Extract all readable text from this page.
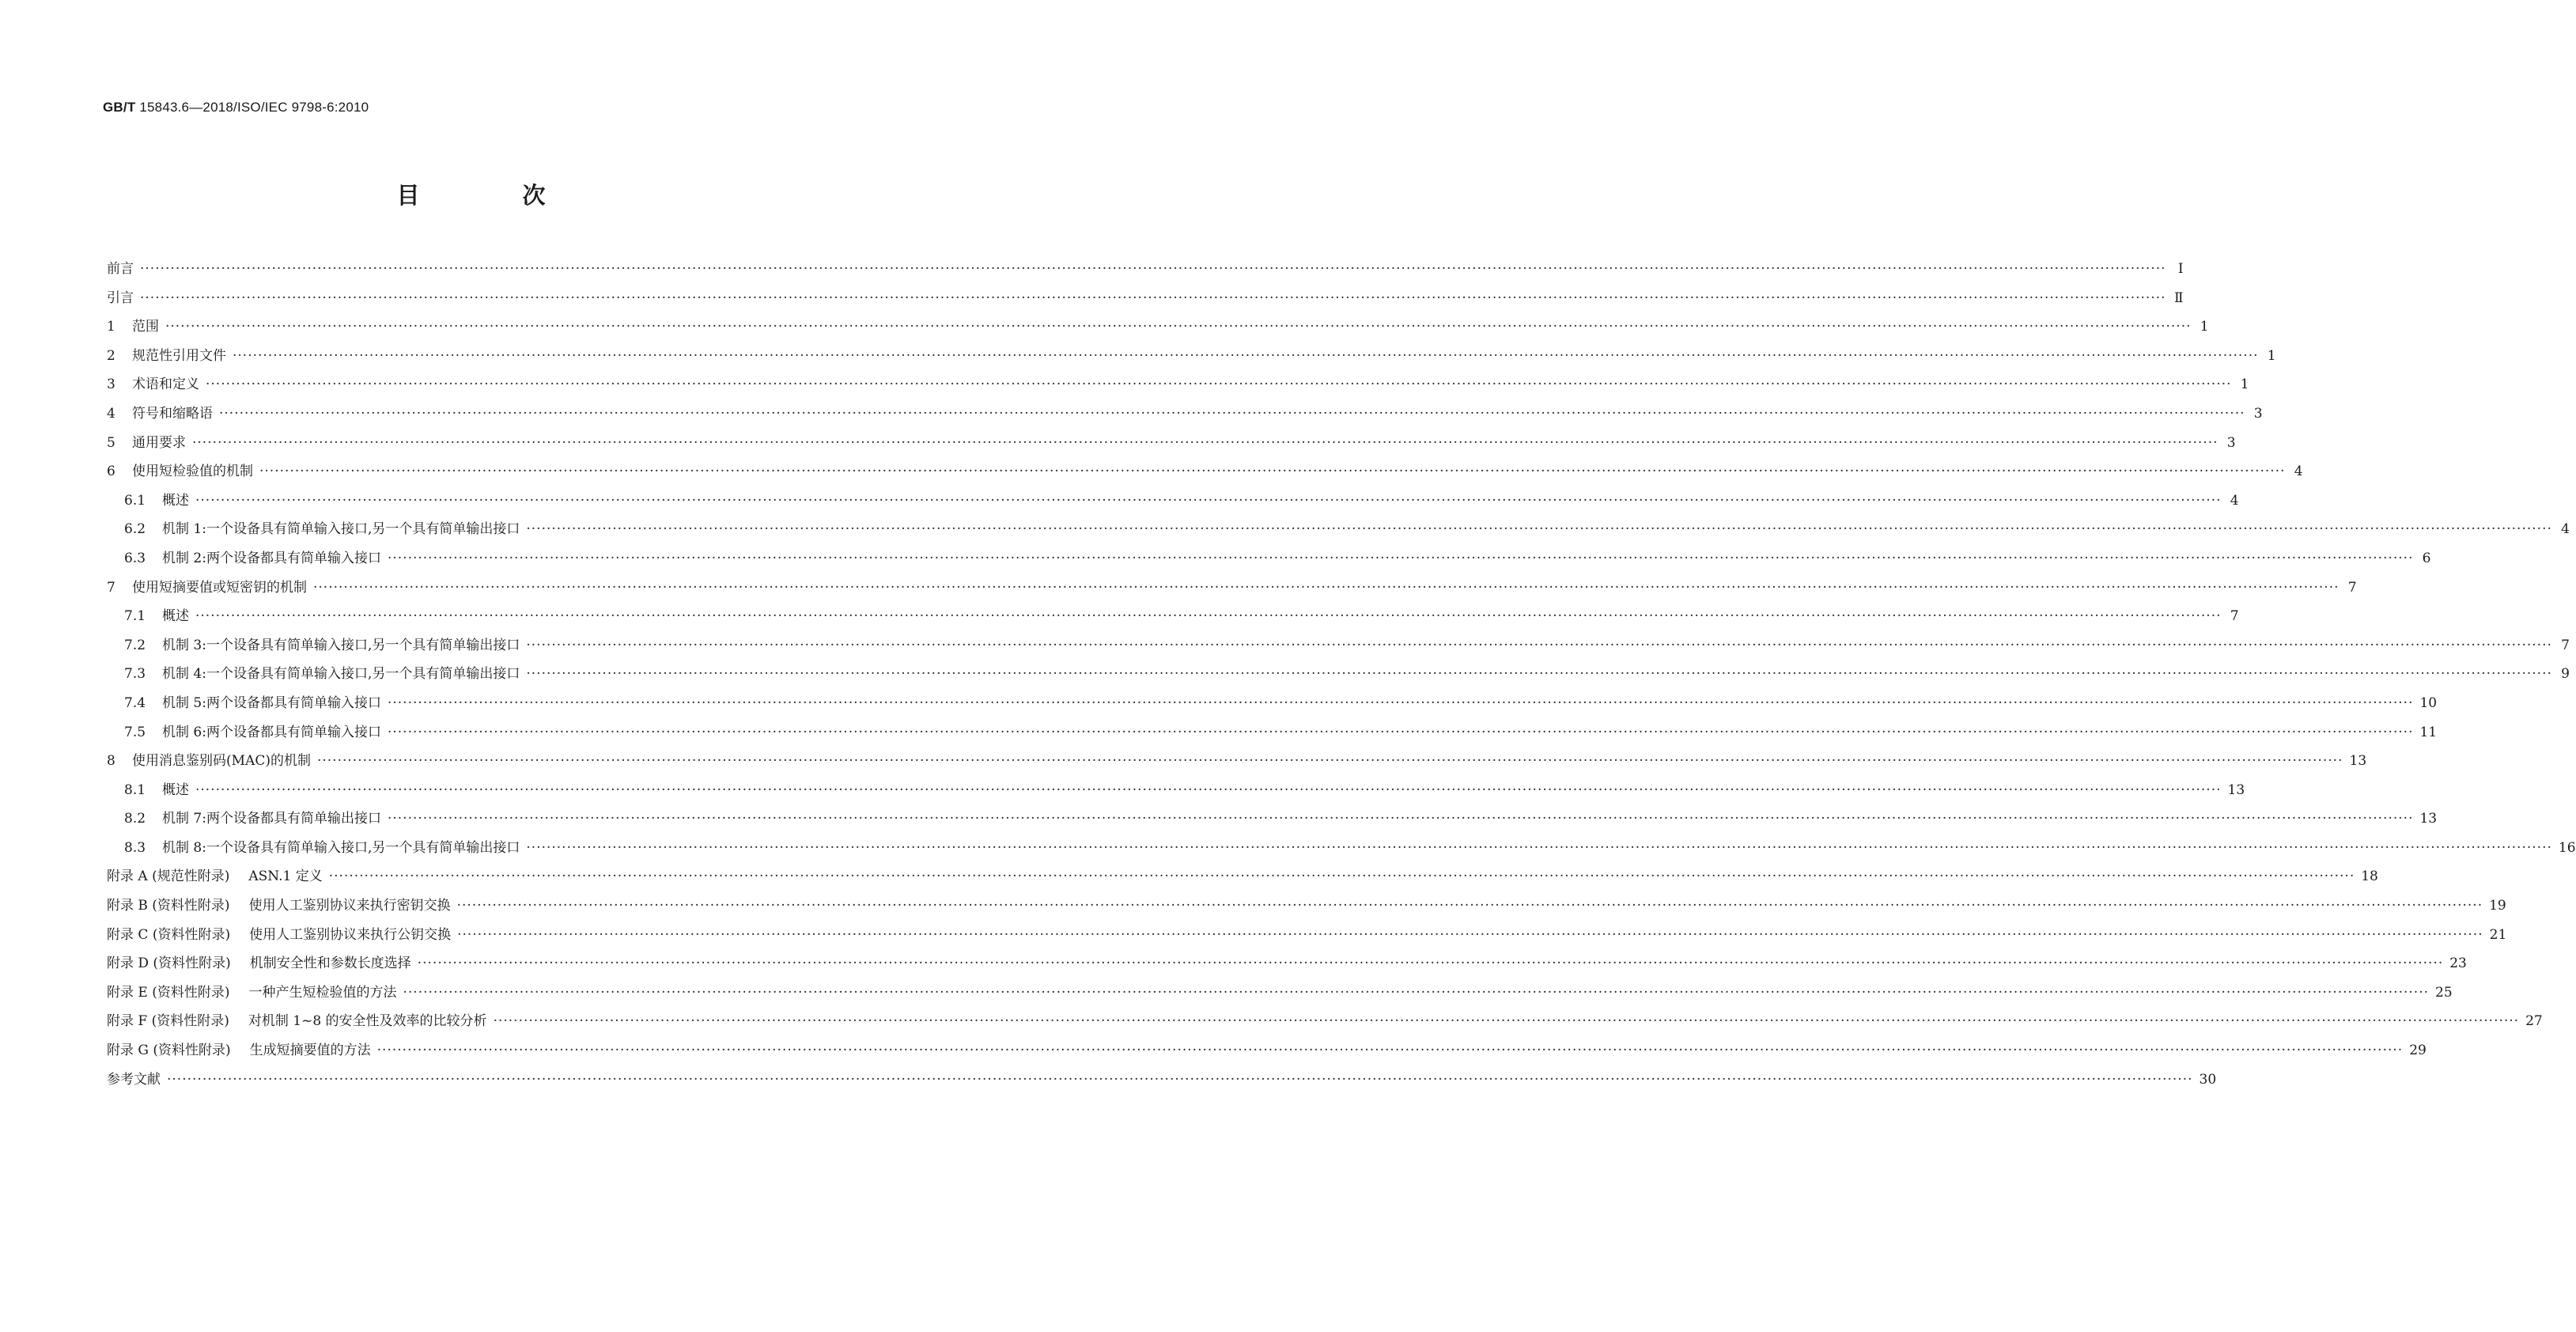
GB/T 15843.6—2018/ISO/IEC 9798-6:2010
目 次
前言 ················································································································································································································································································································································································································ Ⅰ
引言 ················································································································································································································································································································································································································ Ⅱ
1 范围 ················································································································································································································································································································································································································ 1
2 规范性引用文件 ················································································································································································································································································································································································································ 1
3 术语和定义 ················································································································································································································································································································································································································ 1
4 符号和缩略语 ················································································································································································································································································································································································································ 3
5 通用要求 ················································································································································································································································································································································································································ 3
6 使用短检验值的机制 ················································································································································································································································································································································································································ 4
6.1 概述 ················································································································································································································································································································································································································ 4
6.2 机制 1:一个设备具有简单输入接口,另一个具有简单输出接口 ················································································································································································································································································································································································································ 4
6.3 机制 2:两个设备都具有简单输入接口 ················································································································································································································································································································································································································ 6
7 使用短摘要值或短密钥的机制 ················································································································································································································································································································································································································ 7
7.1 概述 ················································································································································································································································································································································································································ 7
7.2 机制 3:一个设备具有简单输入接口,另一个具有简单输出接口 ················································································································································································································································································································································································································ 7
7.3 机制 4:一个设备具有简单输入接口,另一个具有简单输出接口 ················································································································································································································································································································································································································ 9
7.4 机制 5:两个设备都具有简单输入接口 ················································································································································································································································································································································································································ 10
7.5 机制 6:两个设备都具有简单输入接口 ················································································································································································································································································································································································································ 11
8 使用消息鉴别码(MAC)的机制 ················································································································································································································································································································································································································ 13
8.1 概述 ················································································································································································································································································································································································································ 13
8.2 机制 7:两个设备都具有简单输出接口 ················································································································································································································································································································································································································ 13
8.3 机制 8:一个设备具有简单输入接口,另一个具有简单输出接口 ················································································································································································································································································································································································································ 16
附录 A (规范性附录) ASN.1 定义 ················································································································································································································································································································································································································ 18
附录 B (资料性附录) 使用人工鉴别协议来执行密钥交换 ················································································································································································································································································································································································································ 19
附录 C (资料性附录) 使用人工鉴别协议来执行公钥交换 ················································································································································································································································································································································································································ 21
附录 D (资料性附录) 机制安全性和参数长度选择 ················································································································································································································································································································································································································ 23
附录 E (资料性附录) 一种产生短检验值的方法 ················································································································································································································································································································································································································ 25
附录 F (资料性附录) 对机制 1~8 的安全性及效率的比较分析 ················································································································································································································································································································································································································ 27
附录 G (资料性附录) 生成短摘要值的方法 ················································································································································································································································································································································································································ 29
参考文献 ················································································································································································································································································································································································································ 30
